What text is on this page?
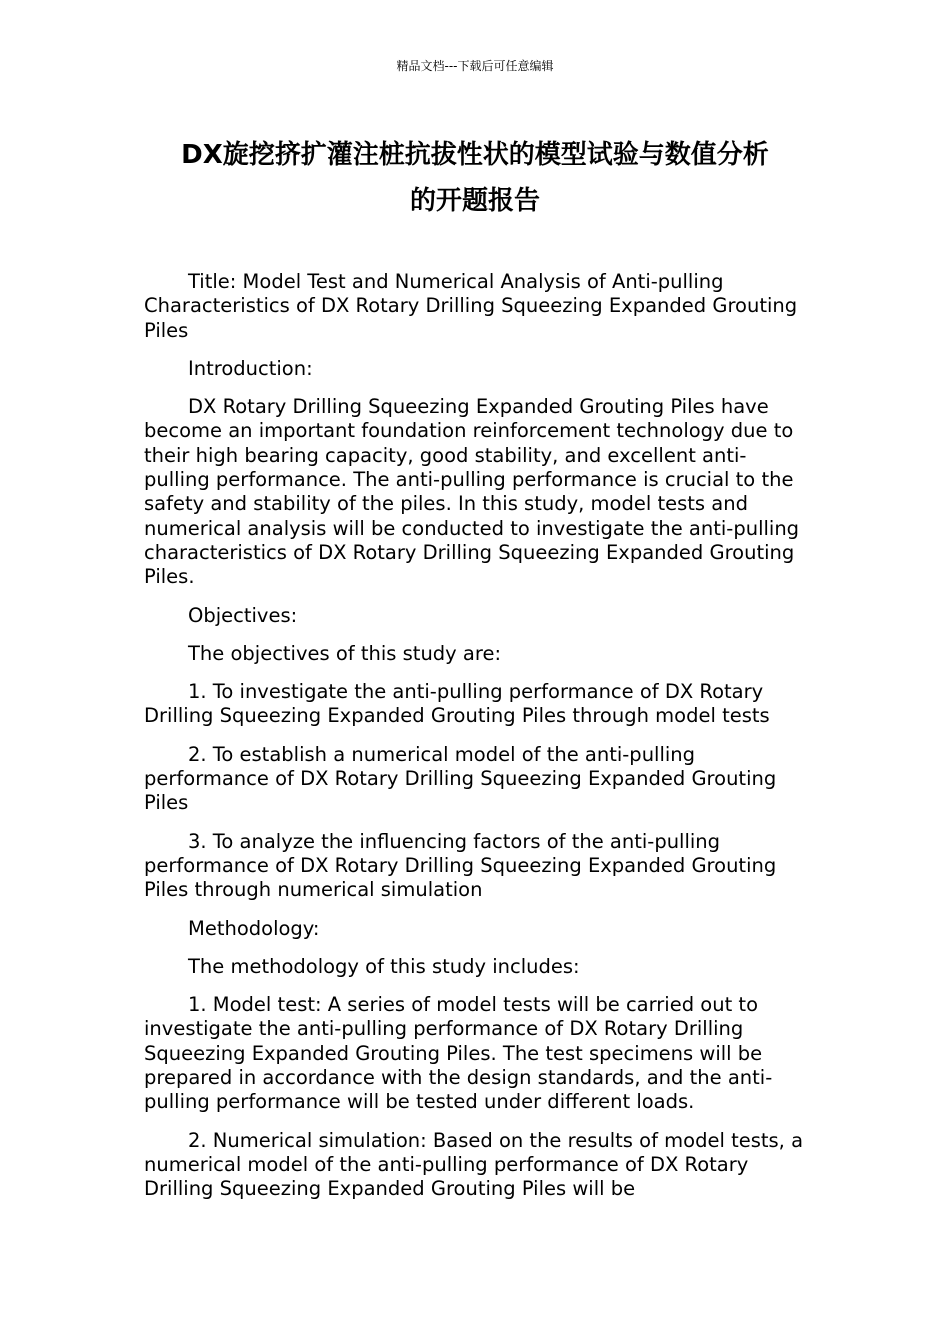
精品文档---下载后可任意编辑
DX旋挖挤扩灌注桩抗拔性状的模型试验与数值分析
的开题报告

Title: Model Test and Numerical Analysis of Anti-pulling Characteristics of DX Rotary Drilling Squeezing Expanded Grouting Piles

Introduction:

DX Rotary Drilling Squeezing Expanded Grouting Piles have become an important foundation reinforcement technology due to their high bearing capacity, good stability, and excellent anti-pulling performance. The anti-pulling performance is crucial to the safety and stability of the piles. In this study, model tests and numerical analysis will be conducted to investigate the anti-pulling characteristics of DX Rotary Drilling Squeezing Expanded Grouting Piles.

Objectives:

The objectives of this study are:

1. To investigate the anti-pulling performance of DX Rotary Drilling Squeezing Expanded Grouting Piles through model tests

2. To establish a numerical model of the anti-pulling performance of DX Rotary Drilling Squeezing Expanded Grouting Piles

3. To analyze the influencing factors of the anti-pulling performance of DX Rotary Drilling Squeezing Expanded Grouting Piles through numerical simulation

Methodology:

The methodology of this study includes:

1. Model test: A series of model tests will be carried out to investigate the anti-pulling performance of DX Rotary Drilling Squeezing Expanded Grouting Piles. The test specimens will be prepared in accordance with the design standards, and the anti-pulling performance will be tested under different loads.

2. Numerical simulation: Based on the results of model tests, a numerical model of the anti-pulling performance of DX Rotary Drilling Squeezing Expanded Grouting Piles will be
